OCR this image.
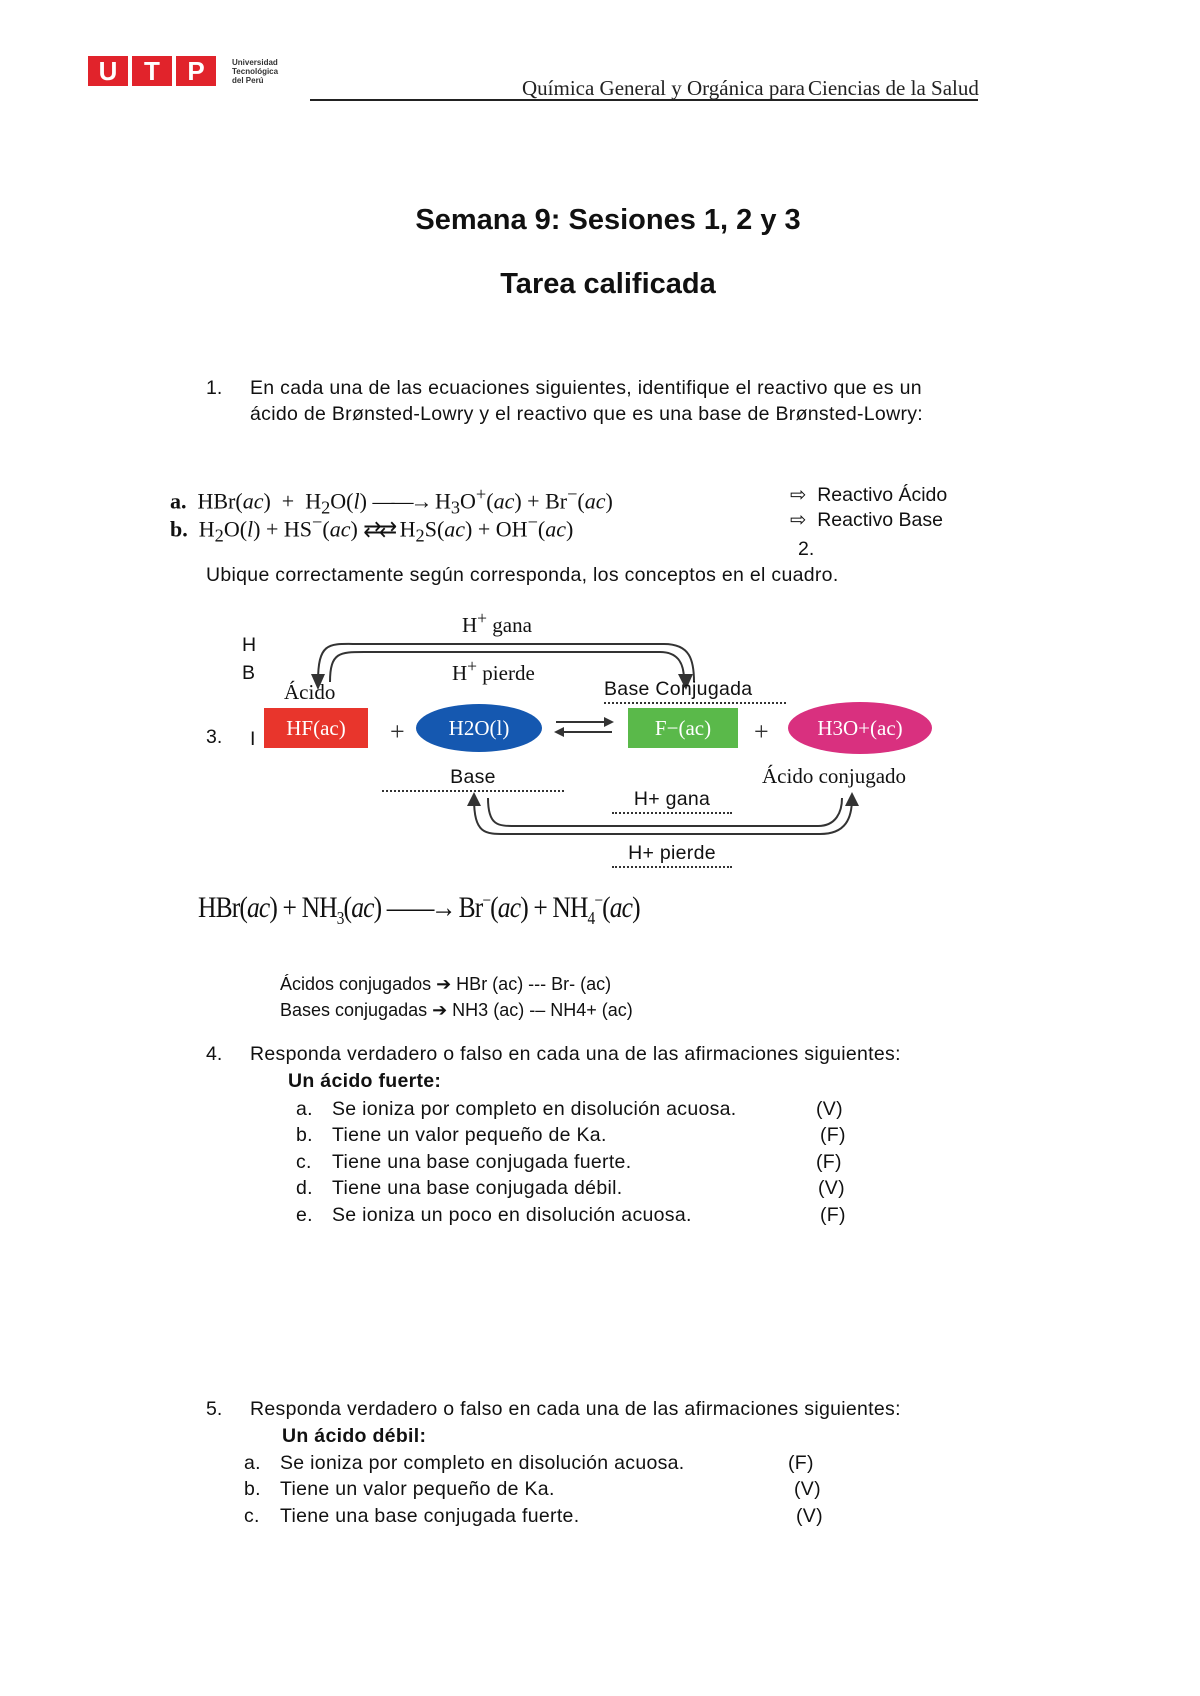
U	T	P	Universidad
Tecnológica
del Perú	Química General y Orgánica para Ciencias de la Salud
Semana 9: Sesiones 1, 2 y 3
Tarea calificada
1. En cada una de las ecuaciones siguientes, identifique el reactivo que es un
ácido de Brønsted-Lowry y el reactivo que es una base de Brønsted-Lowry:
a.  $HBr(ac) + H_2O(l)$ ——→ $H_3O^+(ac) + Br^-(ac)$
b.  $H_2O(l) + HS^-(ac)$ ⇄⇄ $H_2S(ac) + OH^-(ac)$
⇨ Reactivo Ácido
⇨ Reactivo Base
2.
Ubique correctamente según corresponda, los conceptos en el cuadro.
+	+
H+ gana
H+ pierde
H
B
Ácido	Base Conjugada
3. I	HF(ac)	H2O(l)	F−(ac)	H3O+(ac)
Base	Ácido conjugado
H+ gana
H+ pierde
$HBr(ac) + NH_3(ac)$ ——→ $Br^-(ac) + NH_4^-(ac)$
Ácidos conjugados ➔ HBr (ac) --- Br- (ac)
Bases conjugadas ➔ NH3 (ac) -– NH4+ (ac)
4. Responda verdadero o falso en cada una de las afirmaciones siguientes:
Un ácido fuerte:
a. Se ioniza por completo en disolución acuosa.	(V)
b. Tiene un valor pequeño de Ka.	(F)
c. Tiene una base conjugada fuerte.	(F)
d. Tiene una base conjugada débil.	(V)
e. Se ioniza un poco en disolución acuosa.	(F)
5. Responda verdadero o falso en cada una de las afirmaciones siguientes:
Un ácido débil:
a. Se ioniza por completo en disolución acuosa.	(F)
b. Tiene un valor pequeño de Ka.	(V)
c. Tiene una base conjugada fuerte.	(V)
